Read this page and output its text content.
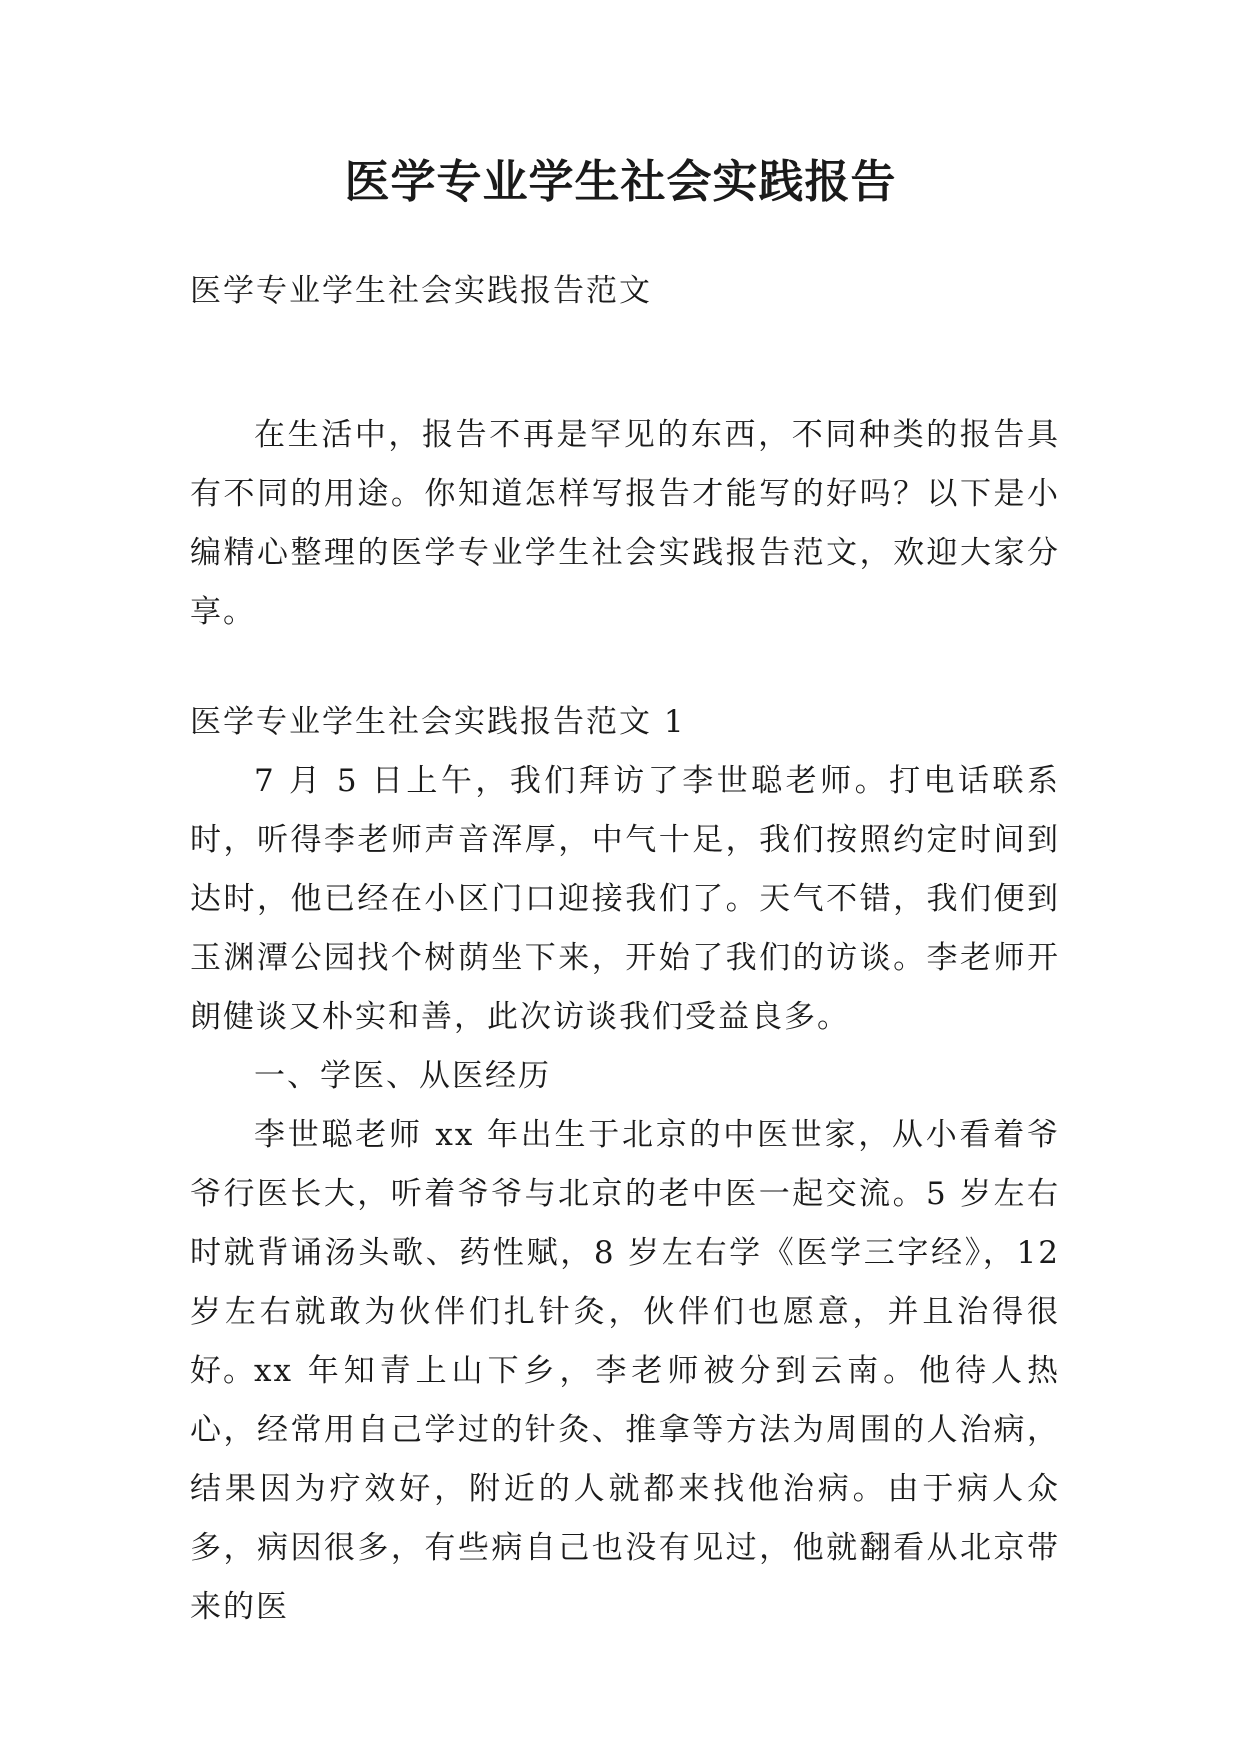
医学专业学生社会实践报告

医学专业学生社会实践报告范文

在生活中，报告不再是罕见的东西，不同种类的报告具有不同的用途。你知道怎样写报告才能写的好吗？以下是小编精心整理的医学专业学生社会实践报告范文，欢迎大家分享。

医学专业学生社会实践报告范文 1

7 月 5 日上午，我们拜访了李世聪老师。打电话联系时，听得李老师声音浑厚，中气十足，我们按照约定时间到达时，他已经在小区门口迎接我们了。天气不错，我们便到玉渊潭公园找个树荫坐下来，开始了我们的访谈。李老师开朗健谈又朴实和善，此次访谈我们受益良多。

一、学医、从医经历

李世聪老师 xx 年出生于北京的中医世家，从小看着爷爷行医长大，听着爷爷与北京的老中医一起交流。5 岁左右时就背诵汤头歌、药性赋，8 岁左右学《医学三字经》，12 岁左右就敢为伙伴们扎针灸，伙伴们也愿意，并且治得很好。

xx 年知青上山下乡，李老师被分到云南。他待人热心，经常用自己学过的针灸、推拿等方法为周围的人治病，结果因为疗效好，附近的人就都来找他治病。由于病人众多，病因很多，有些病自己也没有见过，他就翻看从北京带来的医
